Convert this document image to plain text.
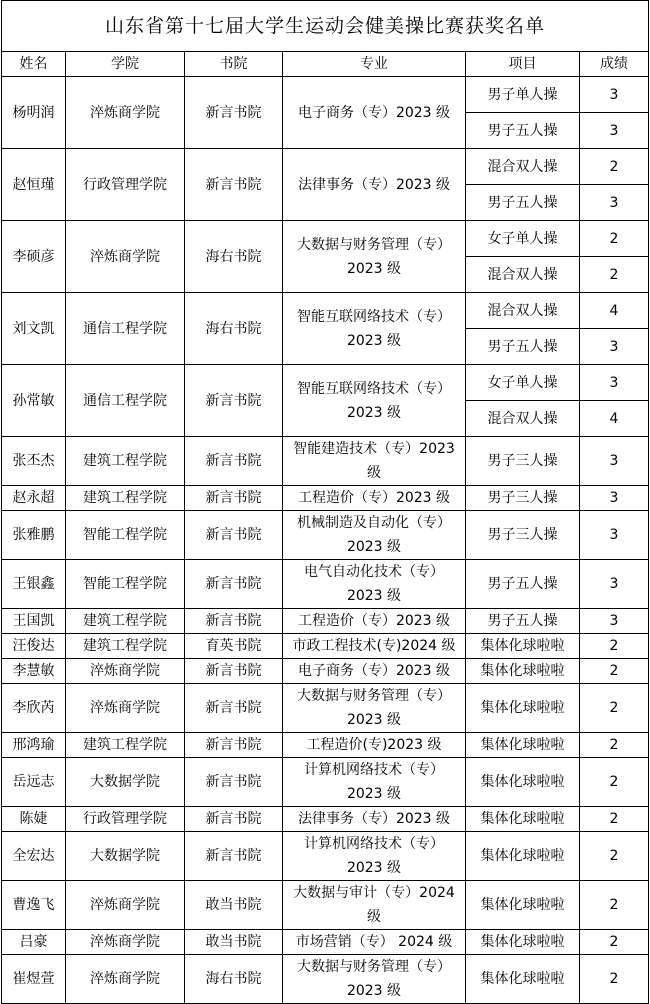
山东省第十七届大学生运动会健美操比赛获奖名单					
姓名	学院	书院	专业	项目	成绩
杨明润	淬炼商学院	新言书院	电子商务（专）2023 级	男子单人操	3
				男子五人操	3
赵恒瑾	行政管理学院	新言书院	法律事务（专）2023 级	混合双人操	2
				男子五人操	3
李硕彦	淬炼商学院	海右书院	大数据与财务管理（专）
2023 级	女子单人操	2
				混合双人操	2
刘文凯	通信工程学院	海右书院	智能互联网络技术（专）
2023 级	混合双人操	4
				男子五人操	3
孙常敏	通信工程学院	新言书院	智能互联网络技术（专）
2023 级	女子单人操	3
				混合双人操	4
张丕杰	建筑工程学院	新言书院	智能建造技术（专）2023
级	男子三人操	3
赵永超	建筑工程学院	新言书院	工程造价（专）2023 级	男子三人操	3
张雅鹏	智能工程学院	新言书院	机械制造及自动化（专）
2023 级	男子三人操	3
王银鑫	智能工程学院	新言书院	电气自动化技术（专）
2023 级	男子五人操	3
王国凯	建筑工程学院	新言书院	工程造价（专）2023 级	男子五人操	3
汪俊达	建筑工程学院	育英书院	市政工程技术(专)2024 级	集体化球啦啦	2
李慧敏	淬炼商学院	新言书院	电子商务（专）2023 级	集体化球啦啦	2
李欣芮	淬炼商学院	新言书院	大数据与财务管理（专）
2023 级	集体化球啦啦	2
邢鸿瑜	建筑工程学院	新言书院	工程造价(专)2023 级	集体化球啦啦	2
岳远志	大数据学院	新言书院	计算机网络技术（专）
2023 级	集体化球啦啦	2
陈婕	行政管理学院	新言书院	法律事务（专）2023 级	集体化球啦啦	2
全宏达	大数据学院	新言书院	计算机网络技术（专）
2023 级	集体化球啦啦	2
曹逸飞	淬炼商学院	敢当书院	大数据与审计（专）2024
级	集体化球啦啦	2
吕豪	淬炼商学院	敢当书院	市场营销（专） 2024 级	集体化球啦啦	2
崔煜萱	淬炼商学院	海右书院	大数据与财务管理（专）
2023 级	集体化球啦啦	2
